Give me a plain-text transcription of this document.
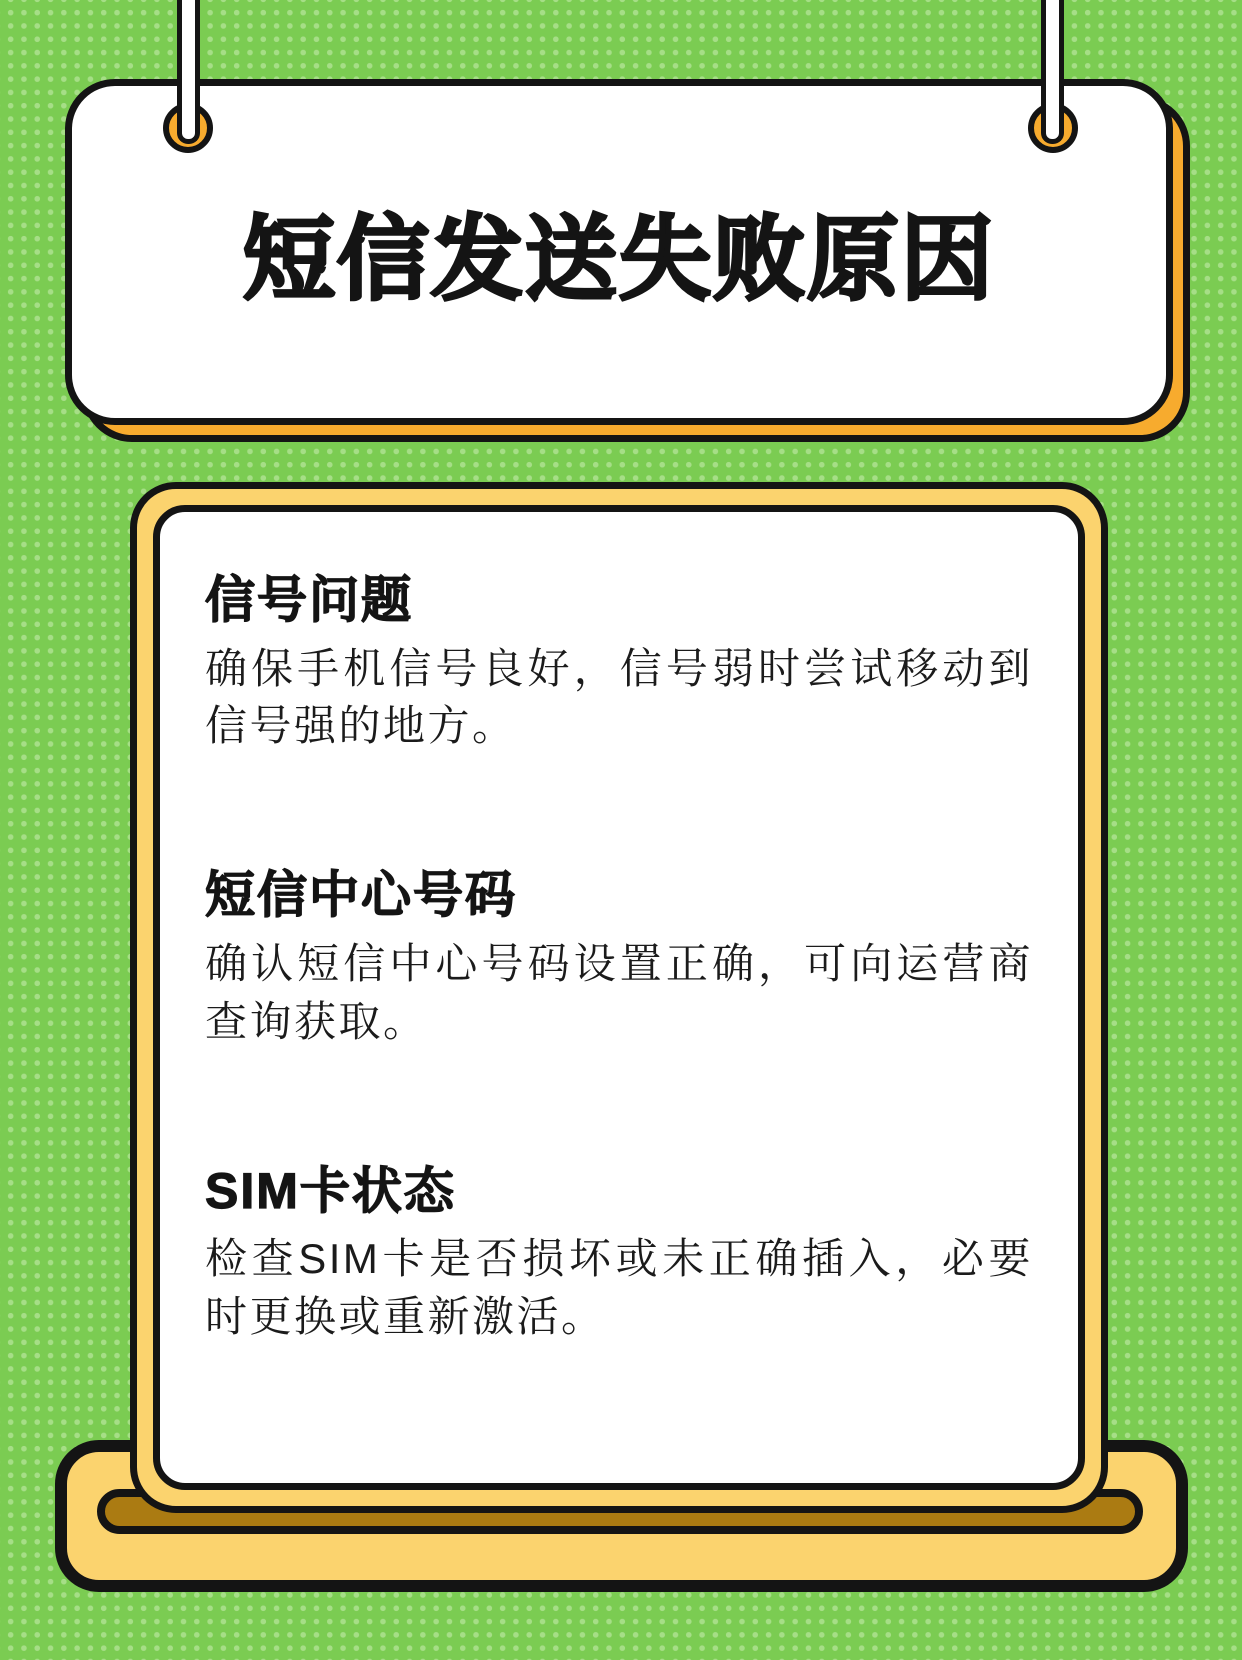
短信发送失败原因
信号问题

确保手机信号良好，信号弱时尝试移动到信号强的地方。

短信中心号码

确认短信中心号码设置正确，可向运营商查询获取。

SIM卡状态

检查SIM卡是否损坏或未正确插入，必要时更换或重新激活。
